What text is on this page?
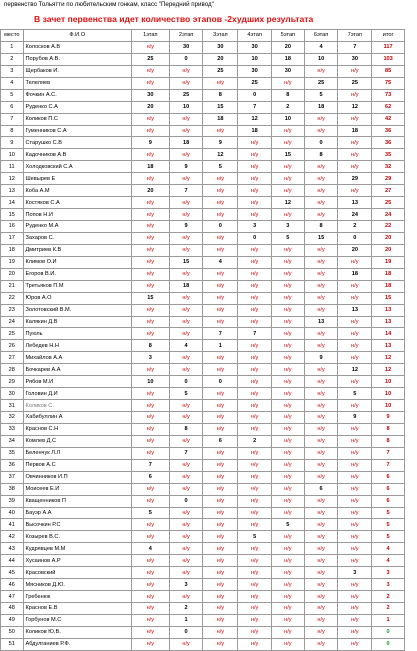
первенство Тольятти по любительским гонкам, класс "Передний привод"
В зачет первенства идет количество этапов -2худших результата
место	Ф.И.О	1этап	2этап	3этап	4этап	5этап	6этап	7этап	итог
1	Колосков А.В	н/у	30	30	30	20	4	7	117
2	Порубов А.В.	25	0	20	10	18	10	30	103
3	Щербаков И.	н/у	н/у	25	30	30	н/у	н/у	85
4	Телеляев	н/у	н/у	н/у	25	н/у	25	25	75
5	Фочкин А.С.	30	25	8	0	8	5	н/у	73
6	Руденко С.А	20	10	15	7	2	18	12	62
7	Коликов П.С	н/у	н/у	18	12	10	н/у	н/у	42
8	Гуменников С.А	н/у	н/у	н/у	18	н/у	н/у	18	36
9	Старушко С.В	9	18	9	н/у	н/у	0	н/у	36
10	Кадочников А.В	н/у	н/у	12	н/у	15	8	н/у	35
11	Холодковский С.А	18	9	5	н/у	н/у	н/у	н/у	32
12	Шевырев Е	н/у	н/у	н/у	н/у	н/у	н/у	29	29
13	Коба А.М	20	7	н/у	н/у	н/у	н/у	н/у	27
14	Костяков С.А	н/у	н/у	н/у	н/у	12	н/у	13	25
15	Попов Н.И	н/у	н/у	н/у	н/у	н/у	н/у	24	24
16	Руденко М.А	н/у	9	0	3	3	8	2	22
17	Захаров С.	н/у	н/у	н/у	0	5	15	0	20
18	Дмитриев К.В	н/у	н/у	н/у	н/у	н/у	н/у	20	20
19	Климов О.И	н/у	15	4	н/у	н/у	н/у	н/у	19
20	Егоров В.И.	н/у	н/у	н/у	н/у	н/у	н/у	18	18
21	Третьяков П.М	н/у	18	н/у	н/у	н/у	н/у	н/у	18
22	Юров А.О	15	н/у	н/у	н/у	н/у	н/у	н/у	15
23	Золотовский В.М.	н/у	н/у	н/у	н/у	н/у	н/у	13	13
24	Калякин Д.В	н/у	н/у	н/у	н/у	н/у	13	н/у	13
25	Пуюль	н/у	н/у	7	7	н/у	н/у	н/у	14
26	Лебедев Н.Н	8	4	1	н/у	н/у	н/у	н/у	13
27	Михайлов А.А	3	н/у	н/у	н/у	н/у	9	н/у	12
28	Бочкарев А.А	н/у	н/у	н/у	н/у	н/у	н/у	12	12
29	Рябов М.И	10	0	0	н/у	н/у	н/у	н/у	10
30	Головин Д.И	н/у	5	н/у	н/у	н/у	н/у	5	10
31	Коликов С.	н/у	н/у	н/у	н/у	н/у	н/у	н/у	10
32	Хабибуллин А	н/у	н/у	н/у	н/у	н/у	н/у	9	9
33	Краснов С.Н	н/у	8	н/у	н/у	н/у	н/у	н/у	8
34	Комлев Д.С	н/у	н/у	6	2	н/у	н/у	н/у	8
35	Беленчук Л.Л	н/у	7	н/у	н/у	н/у	н/у	н/у	7
36	Первов А.С	7	н/у	н/у	н/у	н/у	н/у	н/у	7
37	Овчинников И.П	6	н/у	н/у	н/у	н/у	н/у	н/у	6
38	Моисеев Е.И	н/у	н/у	н/у	н/у	н/у	6	н/у	6
39	Кващенников П	н/у	0	н/у	н/у	н/у	н/у	н/у	6
40	Бауэр А.А	5	н/у	н/у	н/у	н/у	н/у	н/у	5
41	Высочкин Р.С	н/у	н/у	н/у	н/у	5	н/у	н/у	5
42	Козырев В.С.	н/у	н/у	н/у	5	н/у	н/у	н/у	5
43	Кудрявцев М.М	4	н/у	н/у	н/у	н/у	н/у	н/у	4
44	Хусаинов А.Р	н/у	н/у	н/у	н/у	н/у	н/у	н/у	4
45	Красовский	н/у	н/у	н/у	н/у	н/у	н/у	3	3
46	Мясников Д.Ю.	н/у	3	н/у	н/у	н/у	н/у	н/у	3
47	Гребенюк	н/у	н/у	н/у	н/у	н/у	н/у	н/у	2
48	Краснов Е.В	н/у	2	н/у	н/у	н/у	н/у	н/у	2
49	Горбунов М.С	н/у	1	н/у	н/у	н/у	н/у	н/у	1
50	Коликов Ю.В.	н/у	0	н/у	н/у	н/у	н/у	н/у	0
51	Абдулганиев Р.Ф.	н/у	н/у	н/у	н/у	н/у	н/у	н/у	0
